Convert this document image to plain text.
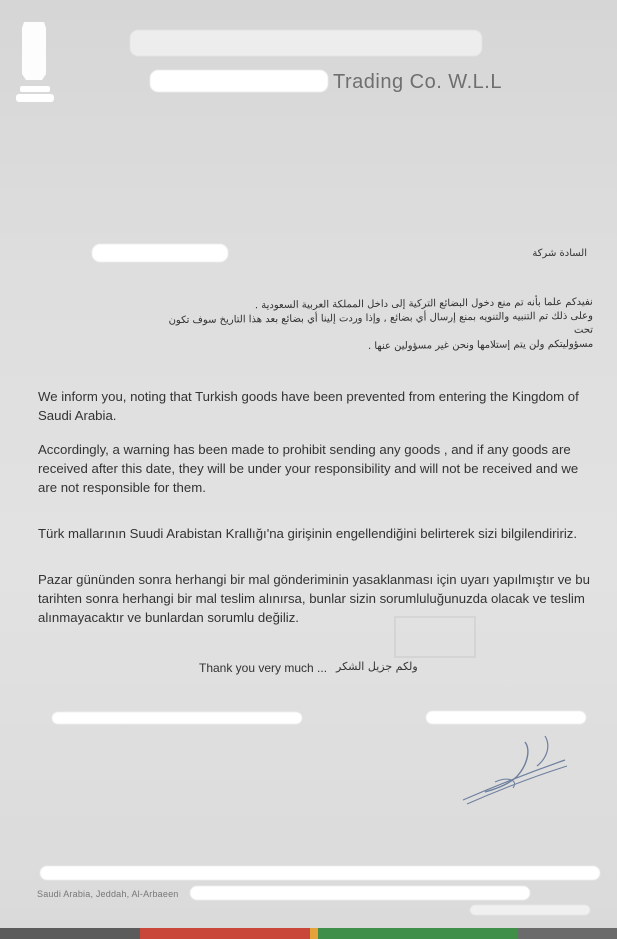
Trading Co. W.L.L
السادة شركة

نفيدكم علما بأنه تم منع دخول البضائع التركية إلى داخل المملكة العربية السعودية .

وعلى ذلك تم التنبيه والتنويه بمنع إرسال أي بضائع , وإذا وردت إلينا أي بضائع بعد هذا التاريخ سوف تكون تحت

مسؤوليتكم ولن يتم إستلامها ونحن غير مسؤولين عنها .

We inform you, noting that Turkish goods have been prevented from entering the Kingdom of Saudi Arabia.

Accordingly, a warning has been made to prohibit sending any goods , and if any goods are received after this date, they will be under your responsibility and will not be received and we are not responsible for them.

Türk mallarının Suudi Arabistan Krallığı'na girişinin engellendiğini belirterek sizi bilgilendiririz.

Pazar gününden sonra herhangi bir mal gönderiminin yasaklanması için uyarı yapılmıştır ve bu tarihten sonra herhangi bir mal teslim alınırsa, bunlar sizin sorumluluğunuzda olacak ve teslim alınmayacaktır ve bunlardan sorumlu değiliz.

Thank you very much ... ولكم جزيل الشكر
Saudi Arabia, Jeddah, Al-Arbaeen
